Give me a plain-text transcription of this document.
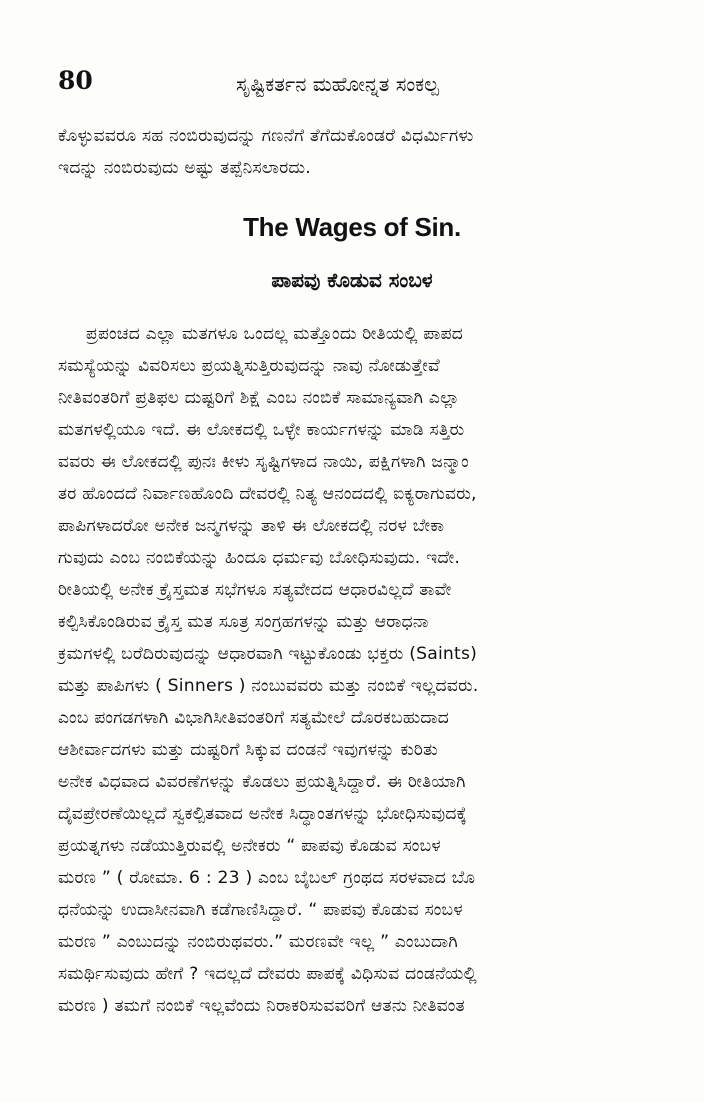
80	ಸೃಷ್ಟಿಕರ್ತನ ಮಹೋನ್ನತ ಸಂಕಲ್ಪ
ಕೊಳ್ಳುವವರೂ ಸಹ ನಂಬಿರುವುದನ್ನು ಗಣನೆಗೆ ತೆಗೆದುಕೊಂಡರೆ ವಿಧರ್ಮಿಗಳು
ಇದನ್ನು ನಂಬಿರುವುದು ಅಷ್ಟು ತಪ್ಪೆನಿಸಲಾರದು.
The Wages of Sin.
ಪಾಪವು ಕೊಡುವ ಸಂಬಳ
ಪ್ರಪಂಚದ ಎಲ್ಲಾ ಮತಗಳೂ ಒಂದಲ್ಲ ಮತ್ತೊಂದು ರೀತಿಯಲ್ಲಿ ಪಾಪದ
ಸಮಸ್ಯೆಯನ್ನು ವಿವರಿಸಲು ಪ್ರಯತ್ನಿಸುತ್ತಿರುವುದನ್ನು ನಾವು ನೋಡುತ್ತೇವೆ
ನೀತಿವಂತರಿಗೆ ಪ್ರತಿಫಲ ದುಷ್ಟರಿಗೆ ಶಿಕ್ಷೆ ಎಂಬ ನಂಬಿಕೆ ಸಾಮಾನ್ಯವಾಗಿ ಎಲ್ಲಾ
ಮತಗಳಲ್ಲಿಯೂ ಇದೆ. ಈ ಲೋಕದಲ್ಲಿ ಒಳ್ಳೇ ಕಾರ್ಯಗಳನ್ನು ಮಾಡಿ ಸತ್ತಿರು
ವವರು ಈ ಲೋಕದಲ್ಲಿ ಪುನಃ ಕೀಳು ಸೃಷ್ಟಿಗಳಾದ ನಾಯಿ, ಪಕ್ಷಿಗಳಾಗಿ ಜನ್ಮಾಂ
ತರ ಹೊಂದದೆ ನಿರ್ವಾಣಹೊಂದಿ ದೇವರಲ್ಲಿ ನಿತ್ಯ ಆನಂದದಲ್ಲಿ ಐಕ್ಯರಾಗುವರು,
ಪಾಪಿಗಳಾದರೋ ಅನೇಕ ಜನ್ಮಗಳನ್ನು ತಾಳಿ ಈ ಲೋಕದಲ್ಲಿ ನರಳ ಬೇಕಾ
ಗುವುದು ಎಂಬ ನಂಬಿಕೆಯನ್ನು ಹಿಂದೂ ಧರ್ಮವು ಬೋಧಿಸುವುದು. ಇದೇ.
ರೀತಿಯಲ್ಲಿ ಅನೇಕ ಕ್ರೈಸ್ತಮತ ಸಭೆಗಳೂ ಸತ್ಯವೇದದ ಆಧಾರವಿಲ್ಲದೆ ತಾವೇ
ಕಲ್ಪಿಸಿಕೊಂಡಿರುವ ಕ್ರೈಸ್ತ ಮತ ಸೂತ್ರ ಸಂಗ್ರಹಗಳನ್ನು ಮತ್ತು ಆರಾಧನಾ
ಕ್ರಮಗಳಲ್ಲಿ ಬರೆದಿರುವುದನ್ನು ಆಧಾರವಾಗಿ ಇಟ್ಟುಕೊಂಡು ಭಕ್ತರು (Saints)
ಮತ್ತು ಪಾಪಿಗಳು ( Sinners ) ನಂಬುವವರು ಮತ್ತು ನಂಬಿಕೆ ಇಲ್ಲದವರು.
ಎಂಬ ಪಂಗಡಗಳಾಗಿ ವಿಭಾಗಿಸೀತಿವಂತರಿಗೆ ಸತ್ಯಮೇಲೆ ದೊರಕಬಹುದಾದ
ಆಶೀರ್ವಾದಗಳು ಮತ್ತು ದುಷ್ಟರಿಗೆ ಸಿಕ್ಕುವ ದಂಡನೆ ಇವುಗಳನ್ನು ಕುರಿತು
ಅನೇಕ ವಿಧವಾದ ವಿವರಣೆಗಳನ್ನು ಕೊಡಲು ಪ್ರಯತ್ನಿಸಿದ್ದಾರೆ. ಈ ರೀತಿಯಾಗಿ
ದೈವಪ್ರೇರಣೆಯಿಲ್ಲದೆ ಸ್ವಕಲ್ಪಿತವಾದ ಅನೇಕ ಸಿದ್ಧಾಂತಗಳನ್ನು ಭೋಧಿಸುವುದಕ್ಕೆ
ಪ್ರಯತ್ನಗಳು ನಡೆಯುತ್ತಿರುವಲ್ಲಿ ಅನೇಕರು “ ಪಾಪವು ಕೊಡುವ ಸಂಬಳ
ಮರಣ ” ( ರೋಮಾ. 6 : 23 ) ಎಂಬ ಬೈಬಲ್ ಗ್ರಂಥದ ಸರಳವಾದ ಬೊ
ಧನೆಯನ್ನು ಉದಾಸೀನವಾಗಿ ಕಡೆಗಾಣಿಸಿದ್ದಾರೆ. “ ಪಾಪವು ಕೊಡುವ ಸಂಬಳ
ಮರಣ ” ಎಂಬುದನ್ನು ನಂಬಿರುಥವರು.” ಮರಣವೇ ಇಲ್ಲ ” ಎಂಬುದಾಗಿ
ಸಮರ್ಥಿಸುವುದು ಹೇಗೆ ? ಇದಲ್ಲದೆ ದೇವರು ಪಾಪಕ್ಕೆ ವಿಧಿಸುವ ದಂಡನೆಯಲ್ಲಿ
ಮರಣ ) ತಮಗೆ ನಂಬಿಕೆ ಇಲ್ಲವೆಂದು ನಿರಾಕರಿಸುವವರಿಗೆ ಆತನು ನೀತಿವಂತ
